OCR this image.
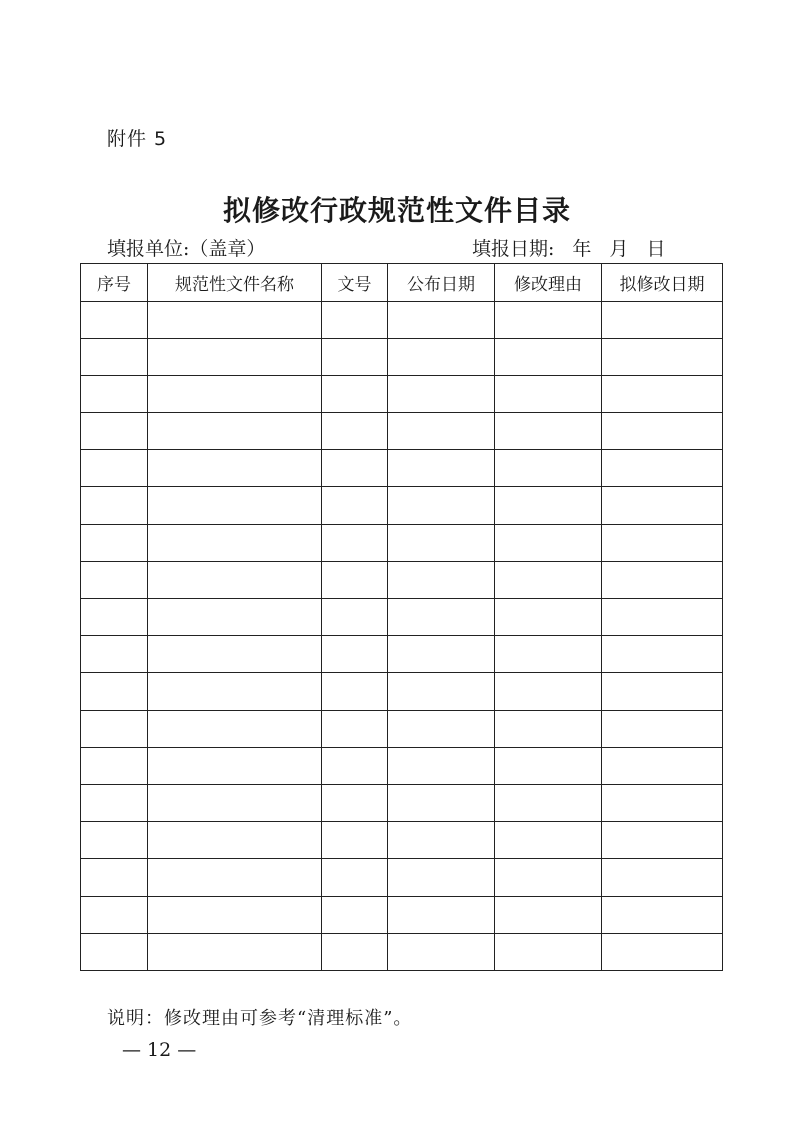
附件 5
拟修改行政规范性文件目录
填报单位:（盖章）	填报日期: 年 月 日
序号	规范性文件名称	文号	公布日期	修改理由	拟修改日期

说明：修改理由可参考“清理标准”。
— 12 —
